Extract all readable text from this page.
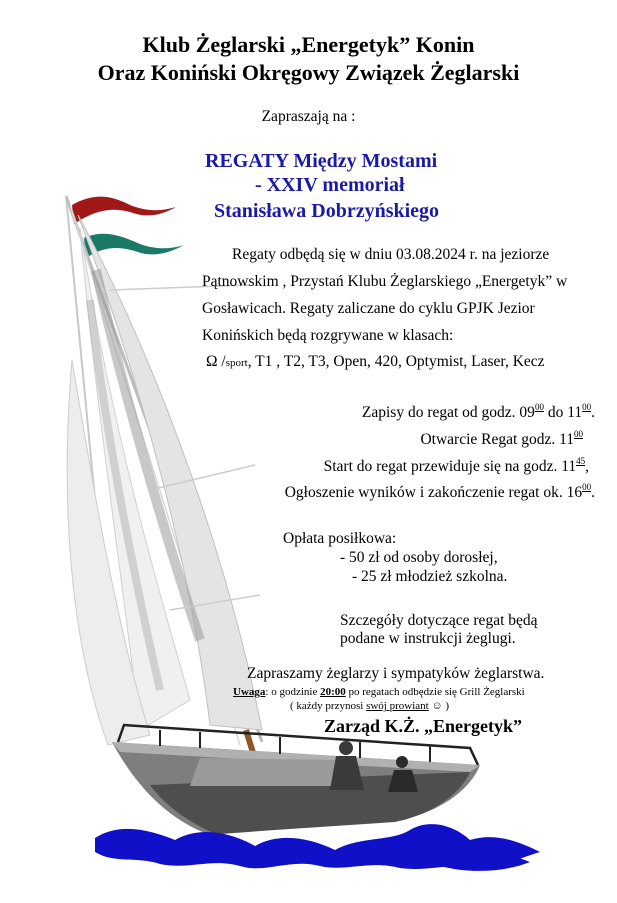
Klub Żeglarski „Energetyk” Konin
Oraz Koniński Okręgowy Związek Żeglarski
Zapraszają na :
REGATY Między Mostami
- XXIV memoriał
Stanisława Dobrzyńskiego
Regaty odbędą się w dniu 03.08.2024 r. na jeziorze
Pątnowskim , Przystań Klubu Żeglarskiego „Energetyk” w
Gosławicach. Regaty zaliczane do cyklu GPJK Jezior
Konińskich będą rozgrywane w klasach:
Ω /sport, T1 , T2, T3, Open, 420, Optymist, Laser, Kecz
Zapisy do regat od godz. $09^{00}$ do $11^{00}$.
Otwarcie Regat godz. $11^{00}$
Start do regat przewiduje się na godz. $11^{45}$,
Ogłoszenie wyników i zakończenie regat ok. $16^{00}$.
Opłata posiłkowa:
- 50 zł od osoby dorosłej,
- 25 zł młodzież szkolna.
Szczegóły dotyczące regat będą
podane w instrukcji żeglugi.
Zapraszamy żeglarzy i sympatyków żeglarstwa.
Uwaga: o godzinie 20:00 po regatach odbędzie się Grill Żeglarski
( każdy przynosi swój prowiant ☺ )
Zarząd K.Ż. „Energetyk”
